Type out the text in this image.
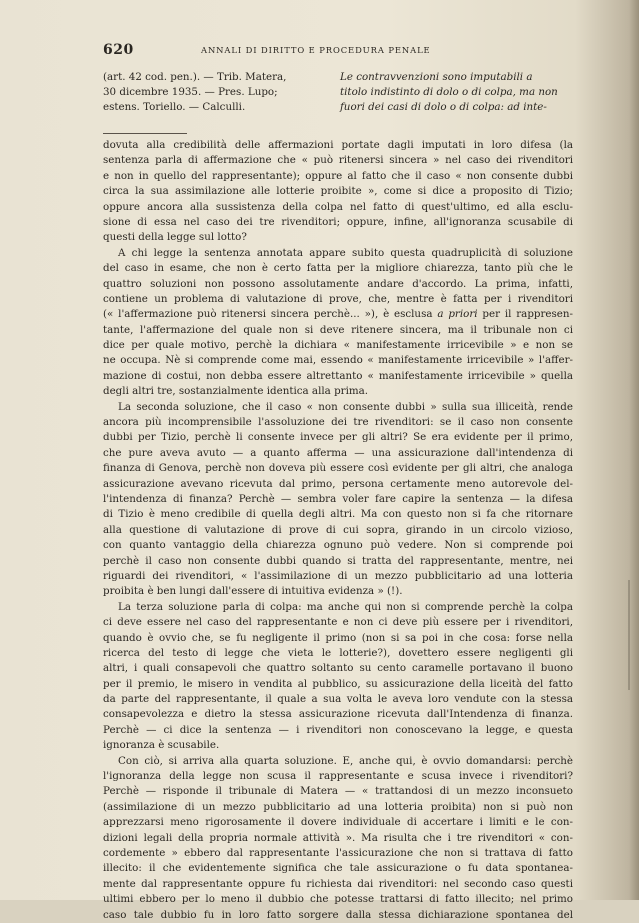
620	ANNALI DI DIRITTO E PROCEDURA PENALE
(art. 42 cod. pen.). — Trib. Matera,
30 dicembre 1935. — Pres. Lupo;
estens. Toriello. — Calculli.
Le contravvenzioni sono imputabili a
titolo indistinto di dolo o di colpa, ma non
fuori dei casi di dolo o di colpa: ad inte-
dovuta alla credibilità delle affermazioni portate dagli imputati in loro difesa (la
sentenza parla di affermazione che « può ritenersi sincera » nel caso dei rivenditori
e non in quello del rappresentante); oppure al fatto che il caso « non consente dubbi
circa la sua assimilazione alle lotterie proibite », come si dice a proposito di Tizio;
oppure ancora alla sussistenza della colpa nel fatto di quest'ultimo, ed alla esclu-
sione di essa nel caso dei tre rivenditori; oppure, infine, all'ignoranza scusabile di
questi della legge sul lotto?
A chi legge la sentenza annotata appare subito questa quadruplicità di soluzione
del caso in esame, che non è certo fatta per la migliore chiarezza, tanto più che le
quattro soluzioni non possono assolutamente andare d'accordo. La prima, infatti,
contiene un problema di valutazione di prove, che, mentre è fatta per i rivenditori
(« l'affermazione può ritenersi sincera perchè... »), è esclusa a priori per il rappresen-
tante, l'affermazione del quale non si deve ritenere sincera, ma il tribunale non ci
dice per quale motivo, perchè la dichiara « manifestamente irricevibile » e non se
ne occupa. Nè si comprende come mai, essendo « manifestamente irricevibile » l'affer-
mazione di costui, non debba essere altrettanto « manifestamente irricevibile » quella
degli altri tre, sostanzialmente identica alla prima.
La seconda soluzione, che il caso « non consente dubbi » sulla sua illiceità, rende
ancora più incomprensibile l'assoluzione dei tre rivenditori: se il caso non consente
dubbi per Tizio, perchè li consente invece per gli altri? Se era evidente per il primo,
che pure aveva avuto — a quanto afferma — una assicurazione dall'intendenza di
finanza di Genova, perchè non doveva più essere così evidente per gli altri, che analoga
assicurazione avevano ricevuta dal primo, persona certamente meno autorevole del-
l'intendenza di finanza? Perchè — sembra voler fare capire la sentenza — la difesa
di Tizio è meno credibile di quella degli altri. Ma con questo non si fa che ritornare
alla questione di valutazione di prove di cui sopra, girando in un circolo vizioso,
con quanto vantaggio della chiarezza ognuno può vedere. Non si comprende poi
perchè il caso non consente dubbi quando si tratta del rappresentante, mentre, nei
riguardi dei rivenditori, « l'assimilazione di un mezzo pubblicitario ad una lotteria
proibita è ben lungi dall'essere di intuitiva evidenza » (!).
La terza soluzione parla di colpa: ma anche qui non si comprende perchè la colpa
ci deve essere nel caso del rappresentante e non ci deve più essere per i rivenditori,
quando è ovvio che, se fu negligente il primo (non si sa poi in che cosa: forse nella
ricerca del testo di legge che vieta le lotterie?), dovettero essere negligenti gli
altri, i quali consapevoli che quattro soltanto su cento caramelle portavano il buono
per il premio, le misero in vendita al pubblico, su assicurazione della liceità del fatto
da parte del rappresentante, il quale a sua volta le aveva loro vendute con la stessa
consapevolezza e dietro la stessa assicurazione ricevuta dall'Intendenza di finanza.
Perchè — ci dice la sentenza — i rivenditori non conoscevano la legge, e questa
ignoranza è scusabile.
Con ciò, si arriva alla quarta soluzione. E, anche qui, è ovvio domandarsi: perchè
l'ignoranza della legge non scusa il rappresentante e scusa invece i rivenditori?
Perchè — risponde il tribunale di Matera — « trattandosi di un mezzo inconsueto
(assimilazione di un mezzo pubblicitario ad una lotteria proibita) non si può non
apprezzarsi meno rigorosamente il dovere individuale di accertare i limiti e le con-
dizioni legali della propria normale attività ». Ma risulta che i tre rivenditori « con-
cordemente » ebbero dal rappresentante l'assicurazione che non si trattava di fatto
illecito: il che evidentemente significa che tale assicurazione o fu data spontanea-
mente dal rappresentante oppure fu richiesta dai rivenditori: nel secondo caso questi
ultimi ebbero per lo meno il dubbio che potesse trattarsi di fatto illecito; nel primo
caso tale dubbio fu in loro fatto sorgere dalla stessa dichiarazione spontanea del
